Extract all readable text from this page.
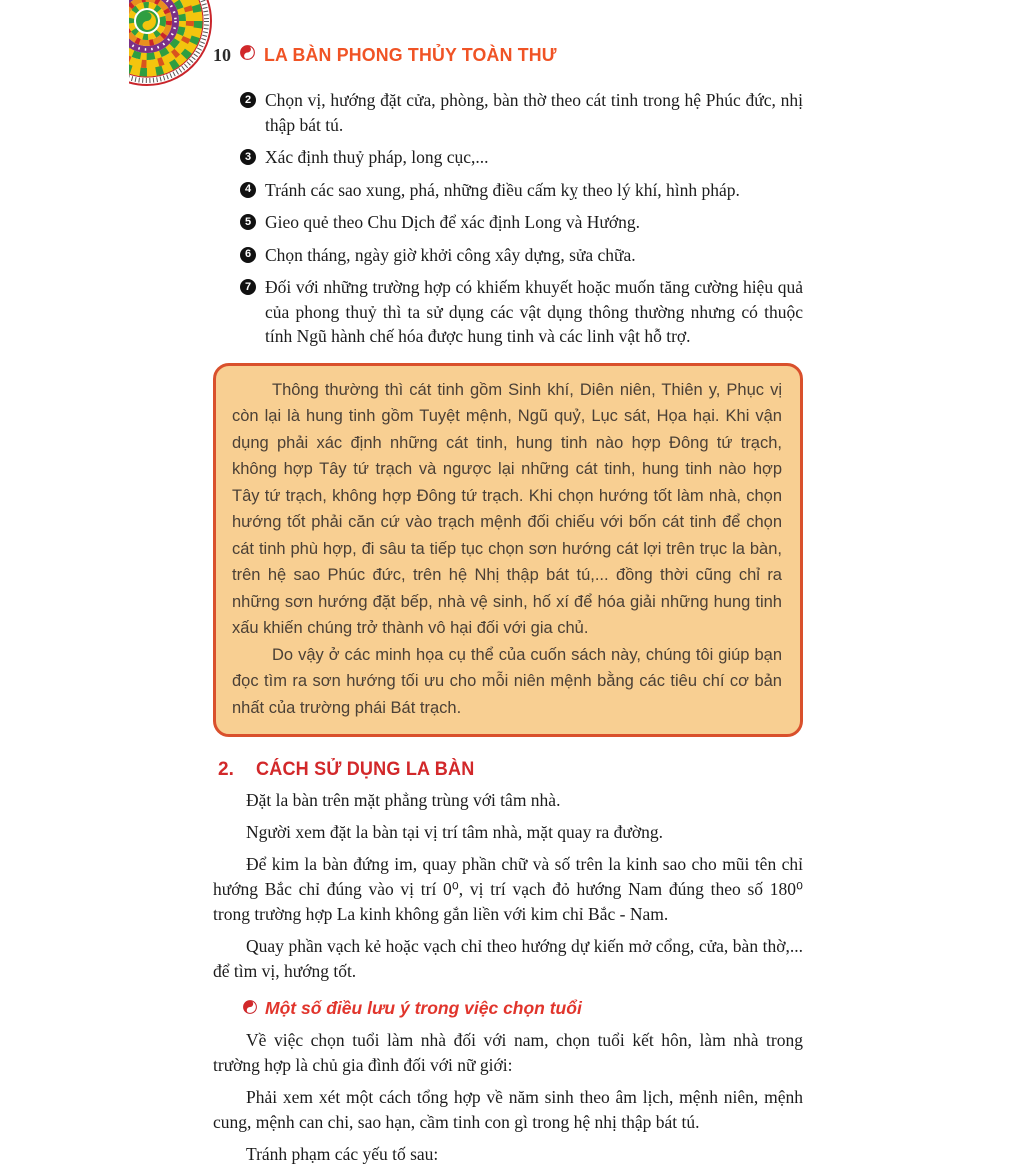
10 LA BÀN PHONG THỦY TOÀN THƯ
2 Chọn vị, hướng đặt cửa, phòng, bàn thờ theo cát tinh trong hệ Phúc đức, nhị thập bát tú.
3 Xác định thuỷ pháp, long cục,...
4 Tránh các sao xung, phá, những điều cấm kỵ theo lý khí, hình pháp.
5 Gieo quẻ theo Chu Dịch để xác định Long và Hướng.
6 Chọn tháng, ngày giờ khởi công xây dựng, sửa chữa.
7 Đối với những trường hợp có khiếm khuyết hoặc muốn tăng cường hiệu quả của phong thuỷ thì ta sử dụng các vật dụng thông thường nhưng có thuộc tính Ngũ hành chế hóa được hung tinh và các linh vật hỗ trợ.

Thông thường thì cát tinh gồm Sinh khí, Diên niên, Thiên y, Phục vị còn lại là hung tinh gồm Tuyệt mệnh, Ngũ quỷ, Lục sát, Họa hại. Khi vận dụng phải xác định những cát tinh, hung tinh nào hợp Đông tứ trạch, không hợp Tây tứ trạch và ngược lại những cát tinh, hung tinh nào hợp Tây tứ trạch, không hợp Đông tứ trạch. Khi chọn hướng tốt làm nhà, chọn hướng tốt phải căn cứ vào trạch mệnh đối chiếu với bốn cát tinh để chọn cát tinh phù hợp, đi sâu ta tiếp tục chọn sơn hướng cát lợi trên trục la bàn, trên hệ sao Phúc đức, trên hệ Nhị thập bát tú,... đồng thời cũng chỉ ra những sơn hướng đặt bếp, nhà vệ sinh, hố xí để hóa giải những hung tinh xấu khiến chúng trở thành vô hại đối với gia chủ.

Do vậy ở các minh họa cụ thể của cuốn sách này, chúng tôi giúp bạn đọc tìm ra sơn hướng tối ưu cho mỗi niên mệnh bằng các tiêu chí cơ bản nhất của trường phái Bát trạch.

2. CÁCH SỬ DỤNG LA BÀN

Đặt la bàn trên mặt phẳng trùng với tâm nhà.

Người xem đặt la bàn tại vị trí tâm nhà, mặt quay ra đường.

Để kim la bàn đứng im, quay phần chữ và số trên la kinh sao cho mũi tên chỉ hướng Bắc chỉ đúng vào vị trí 0⁰, vị trí vạch đỏ hướng Nam đúng theo số 180⁰ trong trường hợp La kinh không gắn liền với kim chỉ Bắc - Nam.

Quay phần vạch kẻ hoặc vạch chỉ theo hướng dự kiến mở cổng, cửa, bàn thờ,... để tìm vị, hướng tốt.

Một số điều lưu ý trong việc chọn tuổi

Về việc chọn tuổi làm nhà đối với nam, chọn tuổi kết hôn, làm nhà trong trường hợp là chủ gia đình đối với nữ giới:

Phải xem xét một cách tổng hợp về năm sinh theo âm lịch, mệnh niên, mệnh cung, mệnh can chi, sao hạn, cầm tinh con gì trong hệ nhị thập bát tú.

Tránh phạm các yếu tố sau:
